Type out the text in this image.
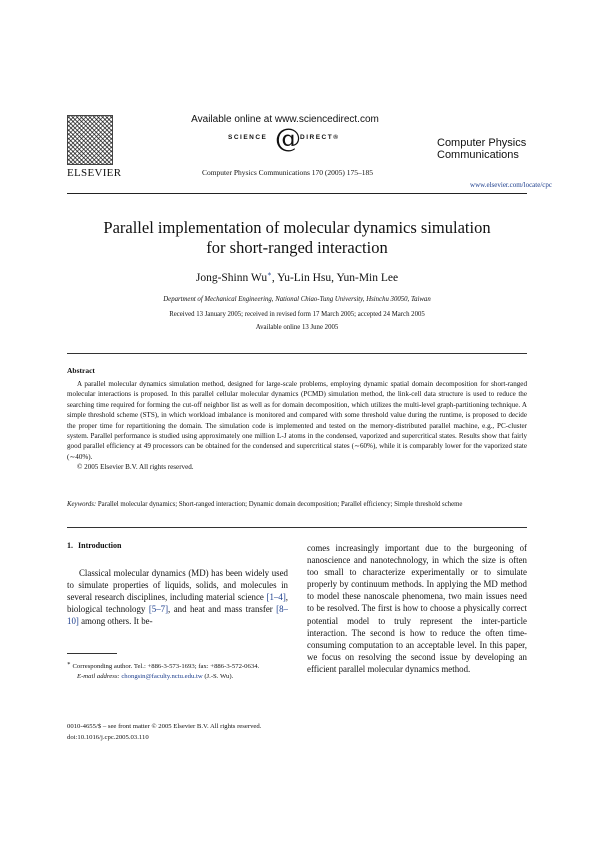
ELSEVIER
Available online at www.sciencedirect.com
SCIENCE @ DIRECT®
Computer Physics Communications 170 (2005) 175–185
Computer Physics
Communications
www.elsevier.com/locate/cpc
Parallel implementation of molecular dynamics simulation
for short-ranged interaction
Jong-Shinn Wu∗, Yu-Lin Hsu, Yun-Min Lee
Department of Mechanical Engineering, National Chiao-Tung University, Hsinchu 30050, Taiwan
Received 13 January 2005; received in revised form 17 March 2005; accepted 24 March 2005
Available online 13 June 2005
Abstract

A parallel molecular dynamics simulation method, designed for large-scale problems, employing dynamic spatial domain decomposition for short-ranged molecular interactions is proposed. In this parallel cellular molecular dynamics (PCMD) simulation method, the link-cell data structure is used to reduce the searching time required for forming the cut-off neighbor list as well as for domain decomposition, which utilizes the multi-level graph-partitioning technique. A simple threshold scheme (STS), in which workload imbalance is monitored and compared with some threshold value during the runtime, is proposed to decide the proper time for repartitioning the domain. The simulation code is implemented and tested on the memory-distributed parallel machine, e.g., PC-cluster system. Parallel performance is studied using approximately one million L-J atoms in the condensed, vaporized and supercritical states. Results show that fairly good parallel efficiency at 49 processors can be obtained for the condensed and supercritical states (∼60%), while it is comparably lower for the vaporized state (∼40%).

© 2005 Elsevier B.V. All rights reserved.

Keywords: Parallel molecular dynamics; Short-ranged interaction; Dynamic domain decomposition; Parallel efficiency; Simple threshold scheme
1. Introduction

Classical molecular dynamics (MD) has been widely used to simulate properties of liquids, solids, and molecules in several research disciplines, including material science [1–4], biological technology [5–7], and heat and mass transfer [8–10] among others. It be-

comes increasingly important due to the burgeoning of nanoscience and nanotechnology, in which the size is often too small to characterize experimentally or to simulate properly by continuum methods. In applying the MD method to model these nanoscale phenomena, two main issues need to be resolved. The first is how to choose a physically correct potential model to truly represent the inter-particle interaction. The second is how to reduce the often time-consuming computation to an acceptable level. In this paper, we focus on resolving the second issue by developing an efficient parallel molecular dynamics method.

∗ Corresponding author. Tel.: +886-3-573-1693; fax: +886-3-572-0634.
E-mail address: chongsin@faculty.nctu.edu.tw (J.-S. Wu).
0010-4655/$ – see front matter © 2005 Elsevier B.V. All rights reserved.
doi:10.1016/j.cpc.2005.03.110
